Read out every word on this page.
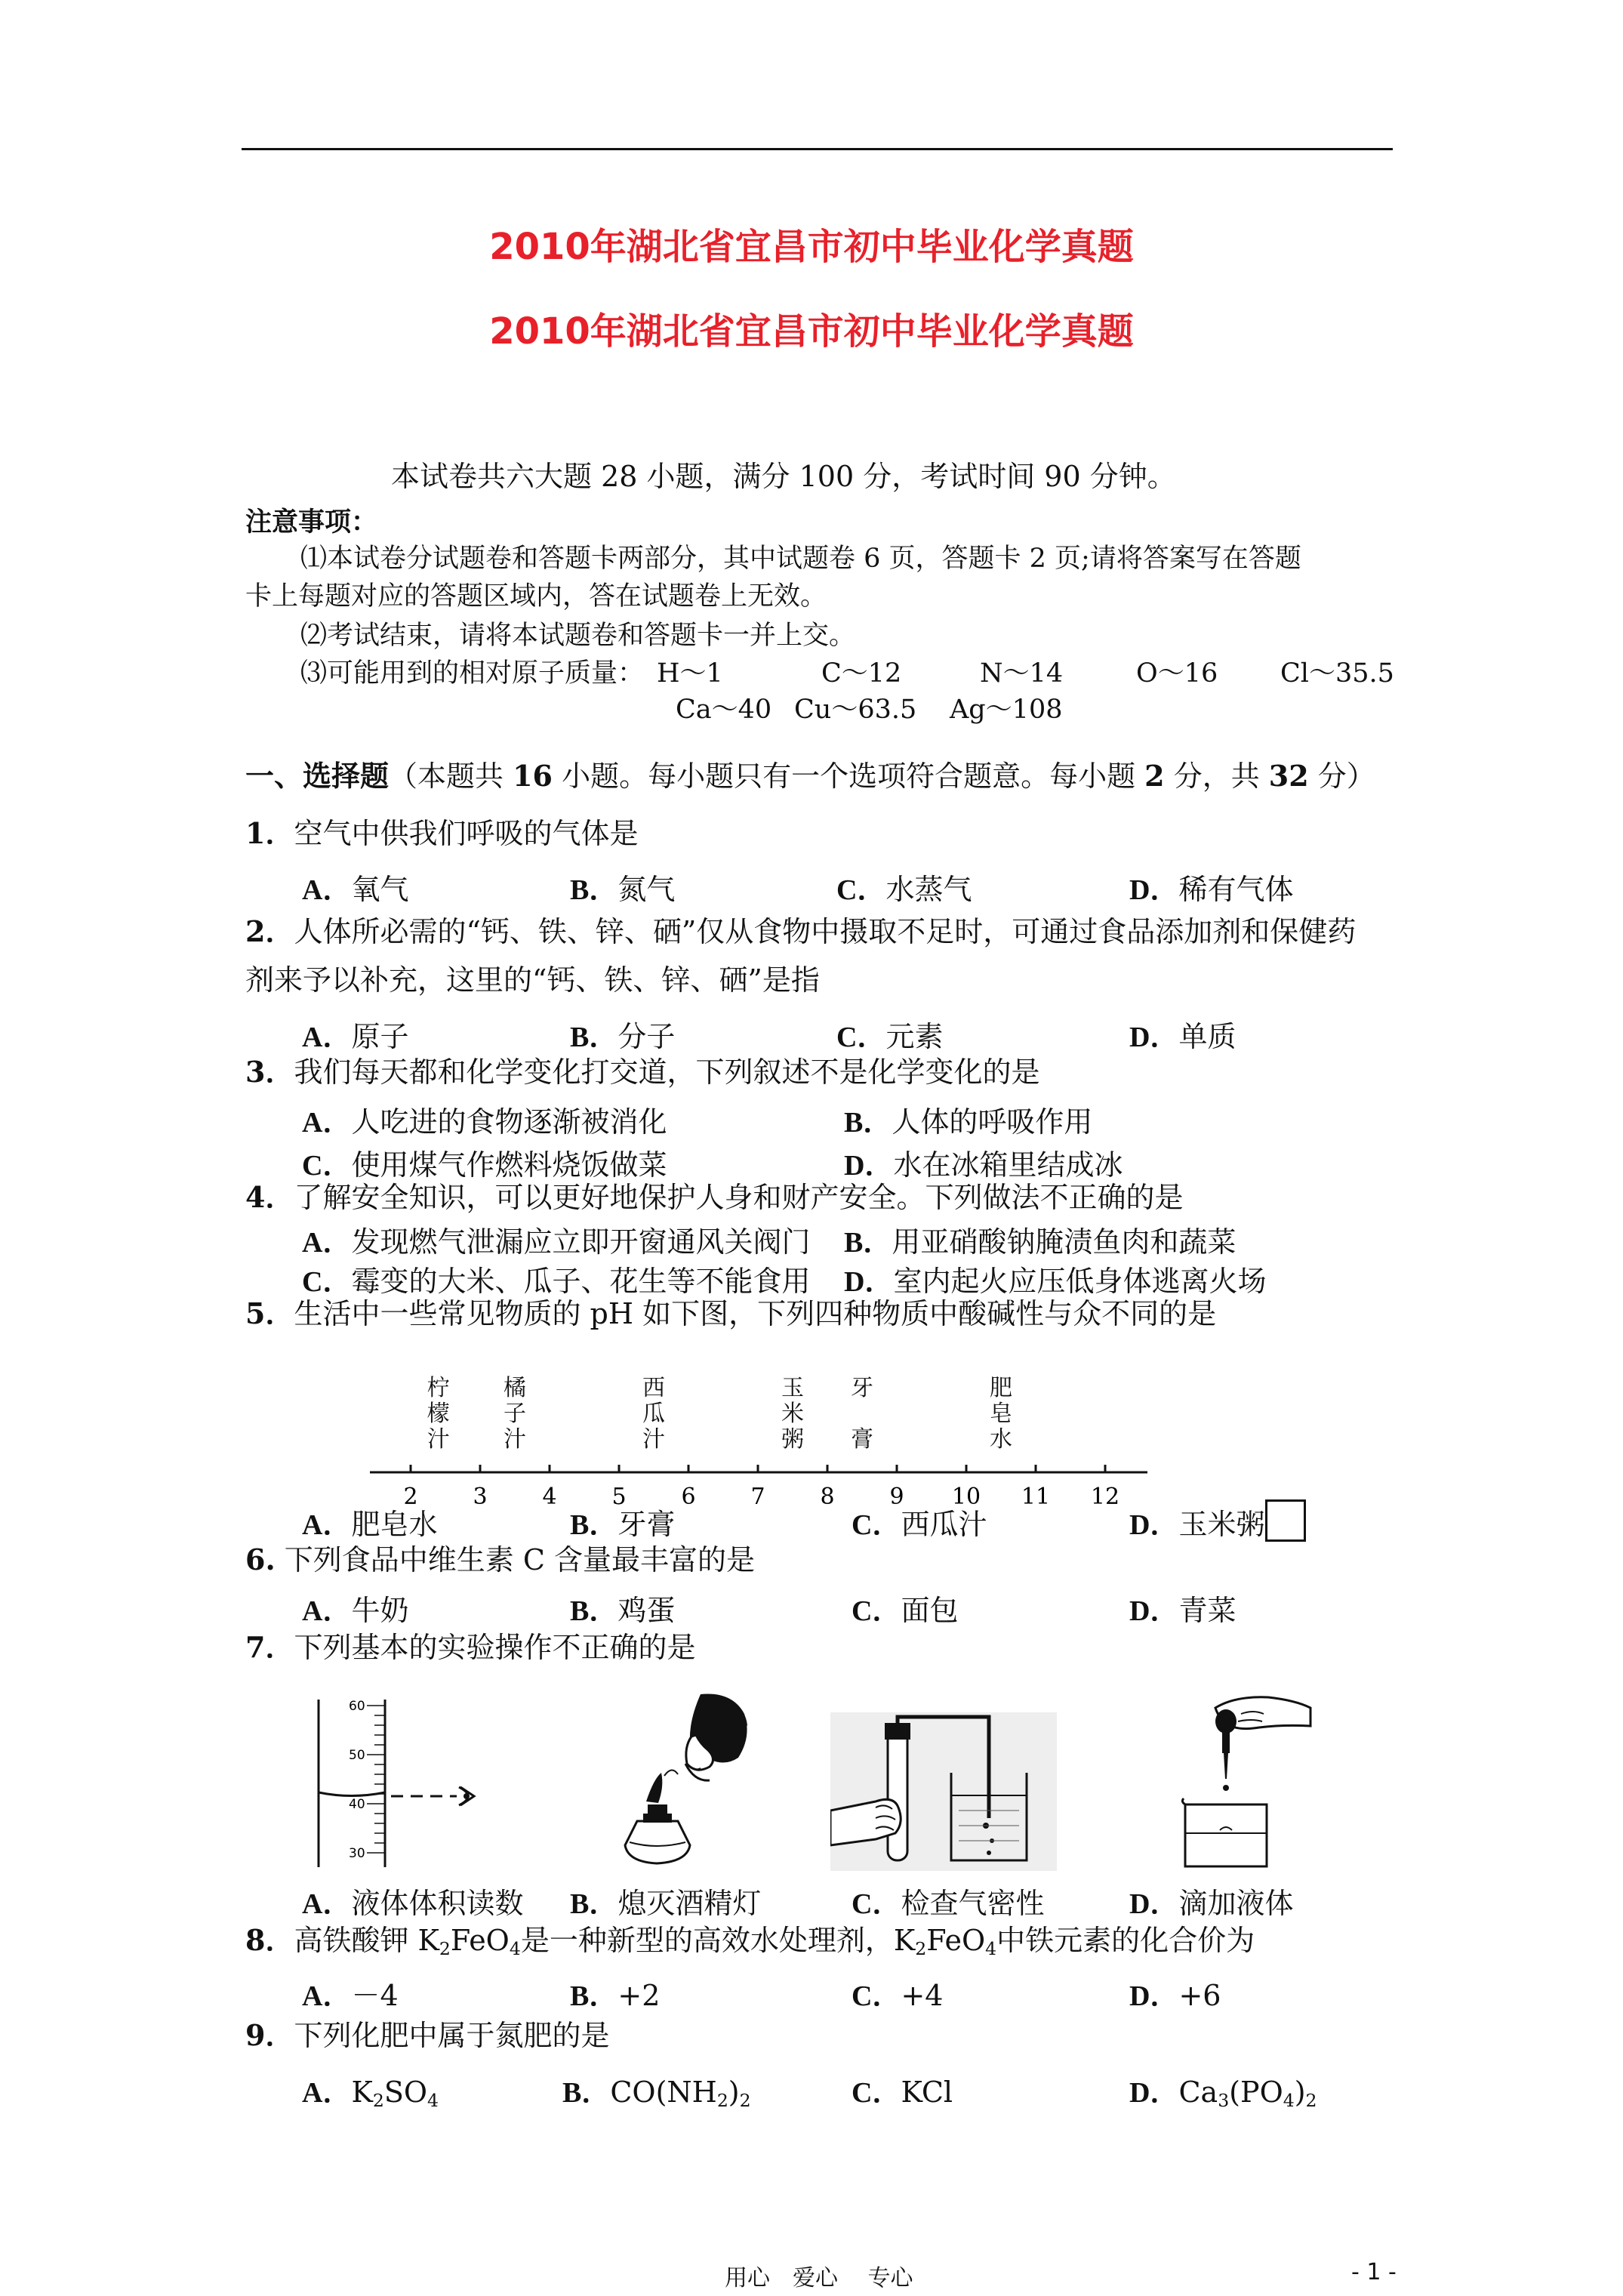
2010年湖北省宜昌市初中毕业化学真题
2010年湖北省宜昌市初中毕业化学真题
本试卷共六大题 28 小题，满分 100 分，考试时间 90 分钟。
注意事项：
⑴本试卷分试题卷和答题卡两部分，其中试题卷 6 页，答题卡 2 页;请将答案写在答题
卡上每题对应的答题区域内，答在试题卷上无效。
⑵考试结束，请将本试题卷和答题卡一并上交。
⑶可能用到的相对原子质量： H～1	C～12	N～14	O～16 Cl～35.5
Ca～40 Cu～63.5 Ag～108
一、选择题（本题共 16 小题。每小题只有一个选项符合题意。每小题 2 分，共 32 分）
1．空气中供我们呼吸的气体是
A．氧气	B．氮气	C．水蒸气	D．稀有气体
2．人体所必需的“钙、铁、锌、硒”仅从食物中摄取不足时，可通过食品添加剂和保健药
剂来予以补充，这里的“钙、铁、锌、硒”是指
A．原子	B．分子	C．元素	D．单质
3．我们每天都和化学变化打交道，下列叙述不是化学变化的是
A．人吃进的食物逐渐被消化	B．人体的呼吸作用
C．使用煤气作燃料烧饭做菜	D．水在冰箱里结成冰
4．了解安全知识，可以更好地保护人身和财产安全。下列做法不正确的是
A．发现燃气泄漏应立即开窗通风关阀门 B．用亚硝酸钠腌渍鱼肉和蔬菜
C．霉变的大米、瓜子、花生等不能食用 D．室内起火应压低身体逃离火场
5．生活中一些常见物质的 pH 如下图，下列四种物质中酸碱性与众不同的是
2 3 4 5 6 7 8 9 10 11 12
柠
檬
汁
橘
子
汁
西
瓜
汁
玉
米
粥
牙

膏
肥
皂
水
A．肥皂水	B．牙膏	C．西瓜汁	D．玉米粥
6. 下列食品中维生素 C 含量最丰富的是
A．牛奶	B．鸡蛋	C．面包	D．青菜
7．下列基本的实验操作不正确的是
60
50
40
30
A．液体体积读数 B．熄灭酒精灯	C．检查气密性	D．滴加液体
8．高铁酸钾 $K_2FeO_4$是一种新型的高效水处理剂，$K_2FeO_4$中铁元素的化合价为
A．－4	B．+2	C．+4	D．+6
9．下列化肥中属于氮肥的是
A．$K_2SO_4$	B．$CO(NH_2)_2$	C．KCl	D．$Ca_3(PO_4)_2$
用心　爱心　 专心	- 1 -
